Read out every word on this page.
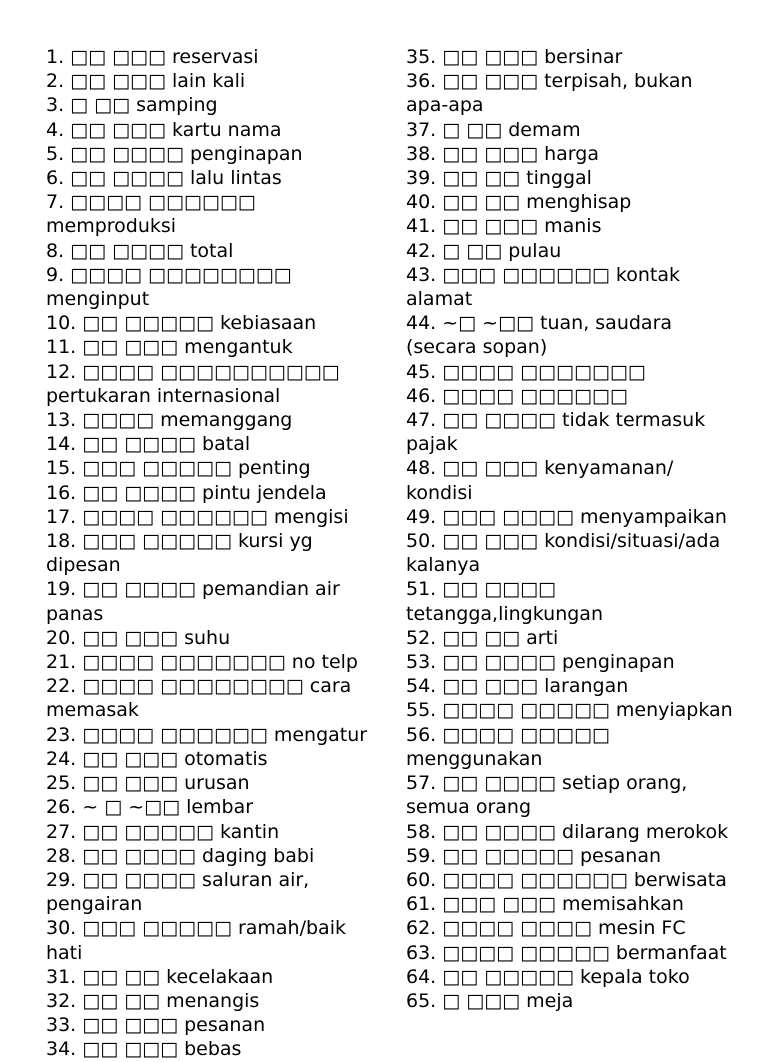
1. □□ □□□ reservasi
2. □□ □□□ lain kali
3. □ □□ samping
4. □□ □□□ kartu nama
5. □□ □□□□ penginapan
6. □□ □□□□ lalu lintas
7. □□□□ □□□□□□ memproduksi
8. □□ □□□□ total
9. □□□□ □□□□□□□□ menginput
10. □□ □□□□□ kebiasaan
11. □□ □□□ mengantuk
12. □□□□ □□□□□□□□□□ pertukaran internasional
13. □□□□ memanggang
14. □□ □□□□ batal
15. □□□ □□□□□ penting
16. □□ □□□□ pintu jendela
17. □□□□ □□□□□□ mengisi
18. □□□ □□□□□ kursi yg dipesan
19. □□ □□□□ pemandian air panas
20. □□ □□□ suhu
21. □□□□ □□□□□□□ no telp
22. □□□□ □□□□□□□□ cara memasak
23. □□□□ □□□□□□ mengatur
24. □□ □□□ otomatis
25. □□ □□□ urusan
26. ~ □ ~□□ lembar
27. □□ □□□□□ kantin
28. □□ □□□□ daging babi
29. □□ □□□□ saluran air, pengairan
30. □□□ □□□□□ ramah/baik hati
31. □□ □□ kecelakaan
32. □□ □□ menangis
33. □□ □□□ pesanan
34. □□ □□□ bebas
35. □□ □□□ bersinar
36. □□ □□□ terpisah, bukan apa-apa
37. □ □□ demam
38. □□ □□□ harga
39. □□ □□ tinggal
40. □□ □□ menghisap
41. □□ □□□ manis
42. □ □□ pulau
43. □□□ □□□□□□ kontak alamat
44. ~□ ~□□ tuan, saudara (secara sopan)
45. □□□□ □□□□□□□
46. □□□□ □□□□□□
47. □□ □□□□ tidak termasuk pajak
48. □□ □□□ kenyamanan/ kondisi
49. □□□ □□□□ menyampaikan
50. □□ □□□ kondisi/situasi/ada kalanya
51. □□ □□□□ tetangga,lingkungan
52. □□ □□ arti
53. □□ □□□□ penginapan
54. □□ □□□ larangan
55. □□□□ □□□□□ menyiapkan
56. □□□□ □□□□□ menggunakan
57. □□ □□□□ setiap orang, semua orang
58. □□ □□□□ dilarang merokok
59. □□ □□□□□ pesanan
60. □□□□ □□□□□□ berwisata
61. □□□ □□□ memisahkan
62. □□□□ □□□□ mesin FC
63. □□□□ □□□□□ bermanfaat
64. □□ □□□□□ kepala toko
65. □ □□□ meja
